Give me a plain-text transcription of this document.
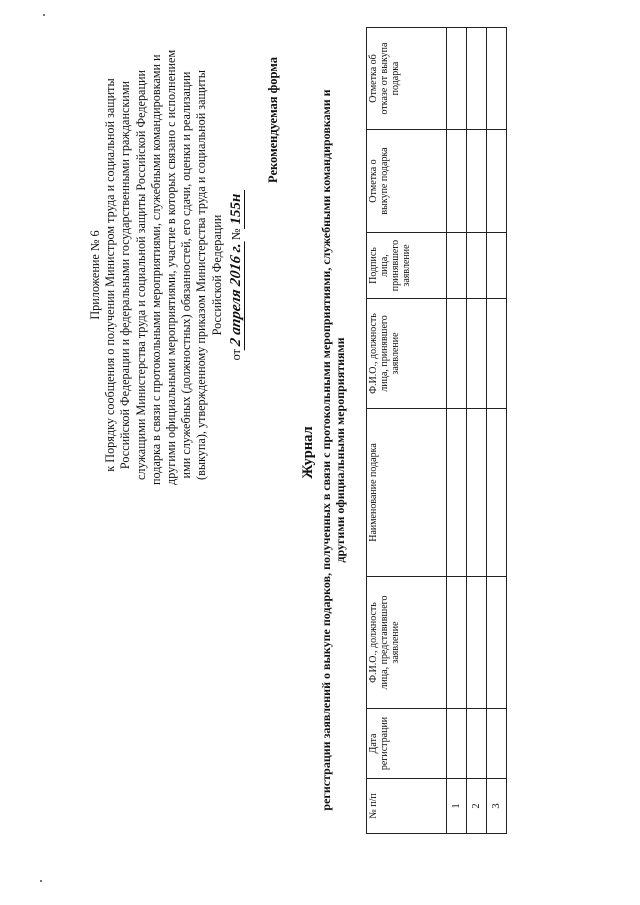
Приложение № 6 к Порядку сообщения о получении Министром труда и социальной защиты Российской Федерации и федеральными государственными гражданскими служащими Министерства труда и социальной защиты Российской Федерации подарка в связи с протокольными мероприятиями, служебными командировками и другими официальными мероприятиями, участие в которых связано с исполнением ими служебных (должностных) обязанностей, его сдачи, оценки и реализации (выкупа), утвержденному приказом Министерства труда и социальной защиты Российской Федерации
от2 апреля 2016 г.№155н
Рекомендуемая форма
Журнал регистрации заявлений о выкупе подарков, полученных в связи с протокольными мероприятиями, служебными командировками и другими официальными мероприятиями
№ п/п	Дата регистрации	Ф.И.О., должность лица, представившего заявление	Наименование подарка	Ф.И.О., должность лица, принявшего заявление	Подпись лица, принявшего заявление	Отметка о выкупе подарка	Отметка об отказе от выкупа подарка

1							
2							
3							
